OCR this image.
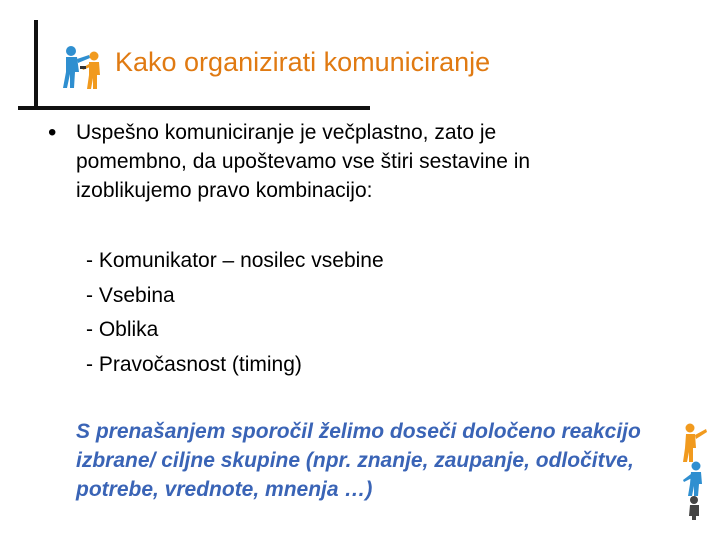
Kako organizirati komuniciranje
• Uspešno komuniciranje je večplastno, zato je pomembno, da upoštevamo vse štiri sestavine in izoblikujemo pravo kombinacijo:

- Komunikator – nosilec vsebine
- Vsebina
- Oblika
- Pravočasnost (timing)

S prenašanjem sporočil želimo doseči določeno reakcijo izbrane/ ciljne skupine (npr. znanje, zaupanje, odločitve, potrebe, vrednote, mnenja …)
